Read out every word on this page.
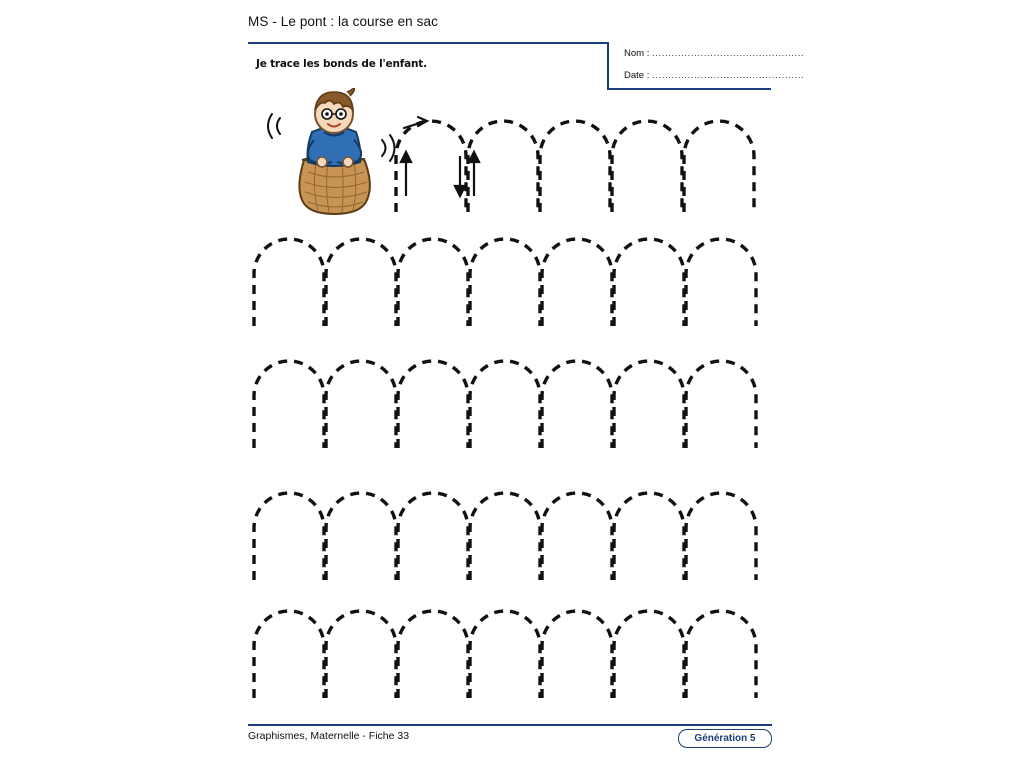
MS - Le pont : la course en sac
Je trace les bonds de l'enfant.
Nom : ...............................................
Date : ...............................................
Graphismes, Maternelle - Fiche 33	Génération 5
